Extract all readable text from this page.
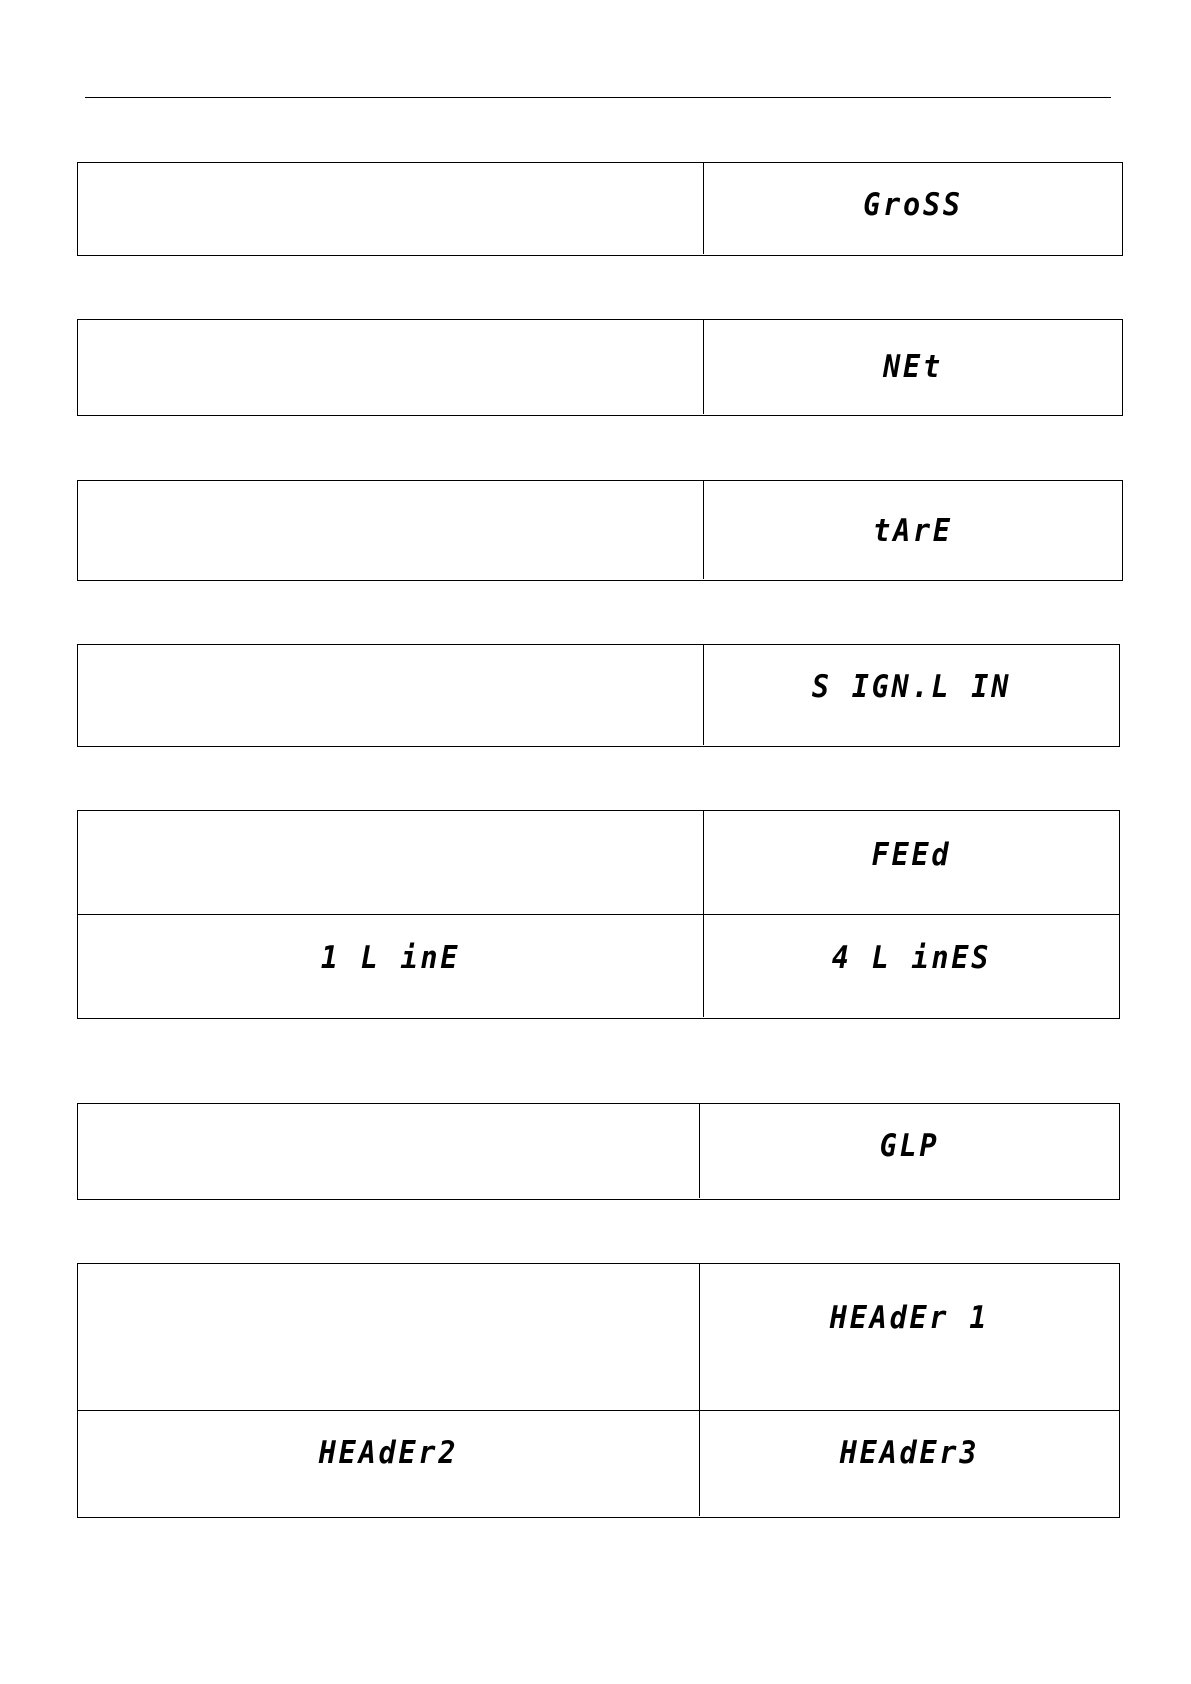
GroSS
NEt
tArE
S IGN.L IN
FEEd
1 L inE	4 L inES
GLP
HEAdEr 1
HEAdEr2	HEAdEr3
